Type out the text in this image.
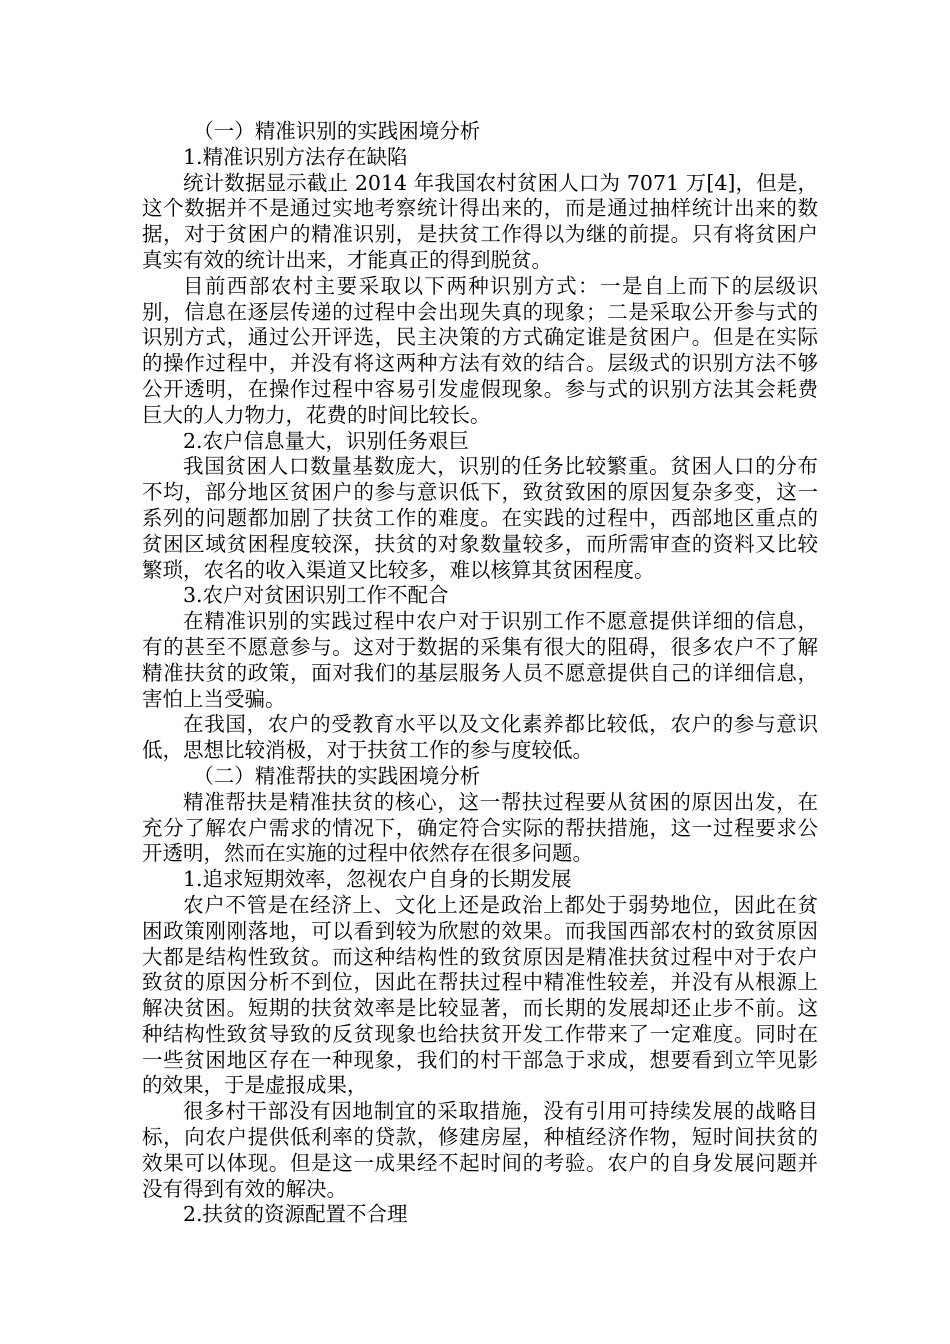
（一）精准识别的实践困境分析

1.精准识别方法存在缺陷

统计数据显示截止 2014 年我国农村贫困人口为 7071 万[4]，但是，这个数据并不是通过实地考察统计得出来的，而是通过抽样统计出来的数据，对于贫困户的精准识别，是扶贫工作得以为继的前提。只有将贫困户真实有效的统计出来，才能真正的得到脱贫。

目前西部农村主要采取以下两种识别方式：一是自上而下的层级识别，信息在逐层传递的过程中会出现失真的现象；二是采取公开参与式的识别方式，通过公开评选，民主决策的方式确定谁是贫困户。但是在实际的操作过程中，并没有将这两种方法有效的结合。层级式的识别方法不够公开透明，在操作过程中容易引发虚假现象。参与式的识别方法其会耗费巨大的人力物力，花费的时间比较长。

2.农户信息量大，识别任务艰巨

我国贫困人口数量基数庞大，识别的任务比较繁重。贫困人口的分布不均，部分地区贫困户的参与意识低下，致贫致困的原因复杂多变，这一系列的问题都加剧了扶贫工作的难度。在实践的过程中，西部地区重点的贫困区域贫困程度较深，扶贫的对象数量较多，而所需审查的资料又比较繁琐，农名的收入渠道又比较多，难以核算其贫困程度。

3.农户对贫困识别工作不配合

在精准识别的实践过程中农户对于识别工作不愿意提供详细的信息，有的甚至不愿意参与。这对于数据的采集有很大的阻碍，很多农户不了解精准扶贫的政策，面对我们的基层服务人员不愿意提供自己的详细信息，害怕上当受骗。

在我国，农户的受教育水平以及文化素养都比较低，农户的参与意识低，思想比较消极，对于扶贫工作的参与度较低。

（二）精准帮扶的实践困境分析

精准帮扶是精准扶贫的核心，这一帮扶过程要从贫困的原因出发，在充分了解农户需求的情况下，确定符合实际的帮扶措施，这一过程要求公开透明，然而在实施的过程中依然存在很多问题。

1.追求短期效率，忽视农户自身的长期发展

农户不管是在经济上、文化上还是政治上都处于弱势地位，因此在贫困政策刚刚落地，可以看到较为欣慰的效果。而我国西部农村的致贫原因大都是结构性致贫。而这种结构性的致贫原因是精准扶贫过程中对于农户致贫的原因分析不到位，因此在帮扶过程中精准性较差，并没有从根源上解决贫困。短期的扶贫效率是比较显著，而长期的发展却还止步不前。这种结构性致贫导致的反贫现象也给扶贫开发工作带来了一定难度。同时在一些贫困地区存在一种现象，我们的村干部急于求成，想要看到立竿见影的效果，于是虚报成果，

很多村干部没有因地制宜的采取措施，没有引用可持续发展的战略目标，向农户提供低利率的贷款，修建房屋，种植经济作物，短时间扶贫的效果可以体现。但是这一成果经不起时间的考验。农户的自身发展问题并没有得到有效的解决。

2.扶贫的资源配置不合理
